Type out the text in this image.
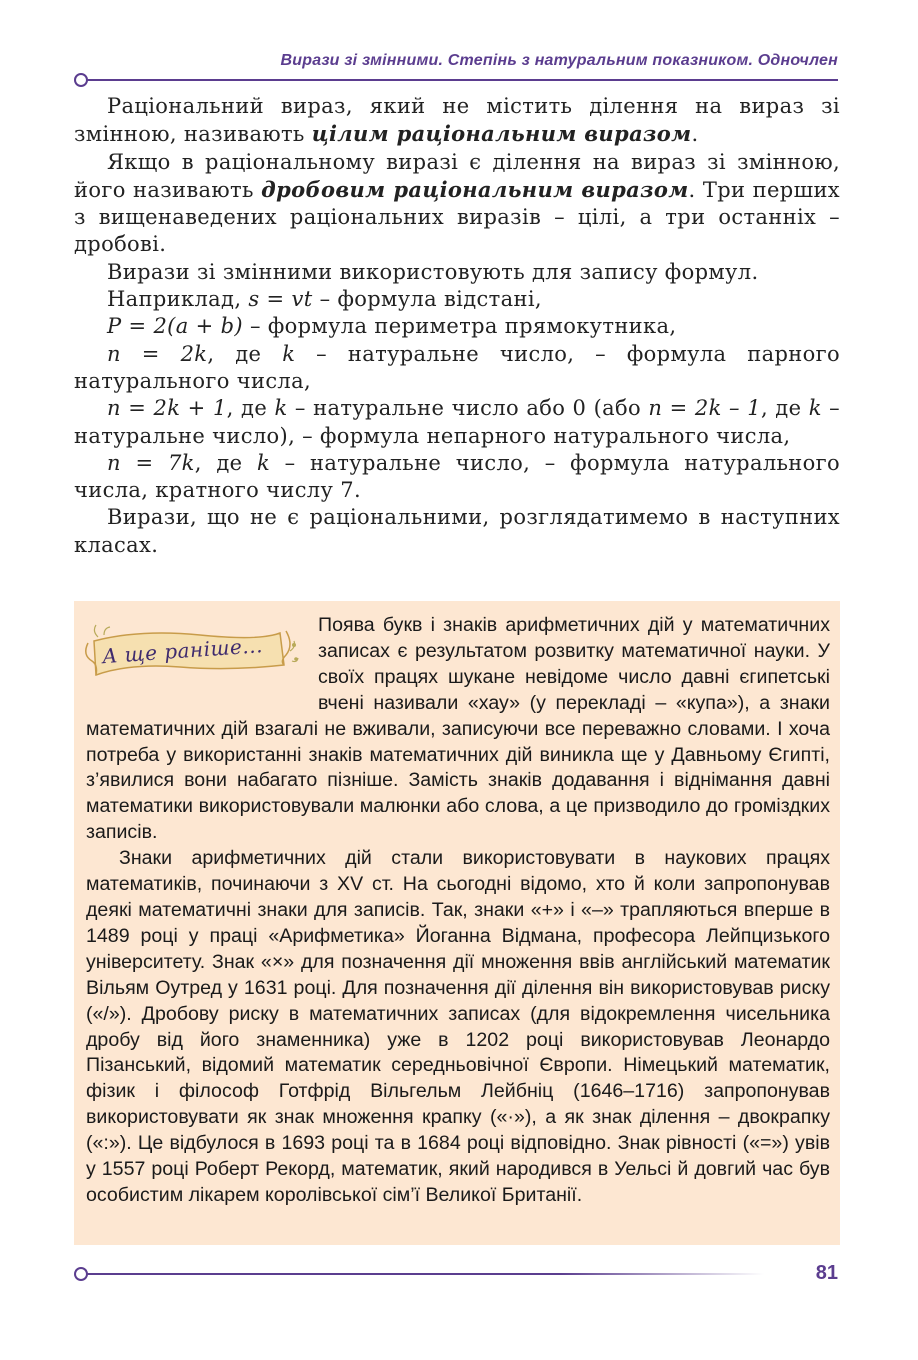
Вирази зі змінними. Степінь з натуральним показником. Одночлен

Раціональний вираз, який не містить ділення на вираз зі змінною, називають цілим раціональним виразом.

Якщо в раціональному виразі є ділення на вираз зі змінною, його називають дробовим раціональним виразом. Три перших з вищенаведених раціональних виразів – цілі, а три останніх – дробові.

Вирази зі змінними використовують для запису формул.

Наприклад, s = vt – формула відстані,

P = 2(a + b) – формула периметра прямокутника,

n = 2k, де k – натуральне число, – формула парного натурального числа,

n = 2k + 1, де k – натуральне число або 0 (або n = 2k – 1, де k – натуральне число), – формула непарного натурального числа,

n = 7k, де k – натуральне число, – формула натурального числа, кратного числу 7.

Вирази, що не є раціональними, розглядатимемо в наступних класах.

А ще раніше...

Поява букв і знаків арифметичних дій у математичних записах є результатом розвитку математичної науки. У своїх працях шукане невідоме число давні єгипетські вчені називали «хау» (у перекладі – «купа»), а знаки математичних дій взагалі не вживали, записуючи все переважно словами. І хоча потреба у використанні знаків математичних дій виникла ще у Давньому Єгипті, з’явилися вони набагато пізніше. Замість знаків додавання і віднімання давні математики використовували малюнки або слова, а це призводило до громіздких записів.

Знаки арифметичних дій стали використовувати в наукових працях математиків, починаючи з XV ст. На сьогодні відомо, хто й коли запропонував деякі математичні знаки для записів. Так, знаки «+» і «–» трапляються вперше в 1489 році у праці «Арифметика» Йоганна Відмана, професора Лейпцизького університету. Знак «×» для позначення дії множення ввів англійський математик Вільям Оутред у 1631 році. Для позначення дії ділення він використовував риску («/»). Дробову риску в математичних записах (для відокремлення чисельника дробу від його знаменника) уже в 1202 році використовував Леонардо Пізанський, відомий математик середньовічної Європи. Німецький математик, фізик і філософ Готфрід Вільгельм Лейбніц (1646–1716) запропонував використовувати як знак множення крапку («·»), а як знак ділення – двокрапку («:»). Це відбулося в 1693 році та в 1684 році відповідно. Знак рівності («=») увів у 1557 році Роберт Рекорд, математик, який народився в Уельсі й довгий час був особистим лікарем королівської сім’ї Великої Британії.

81
